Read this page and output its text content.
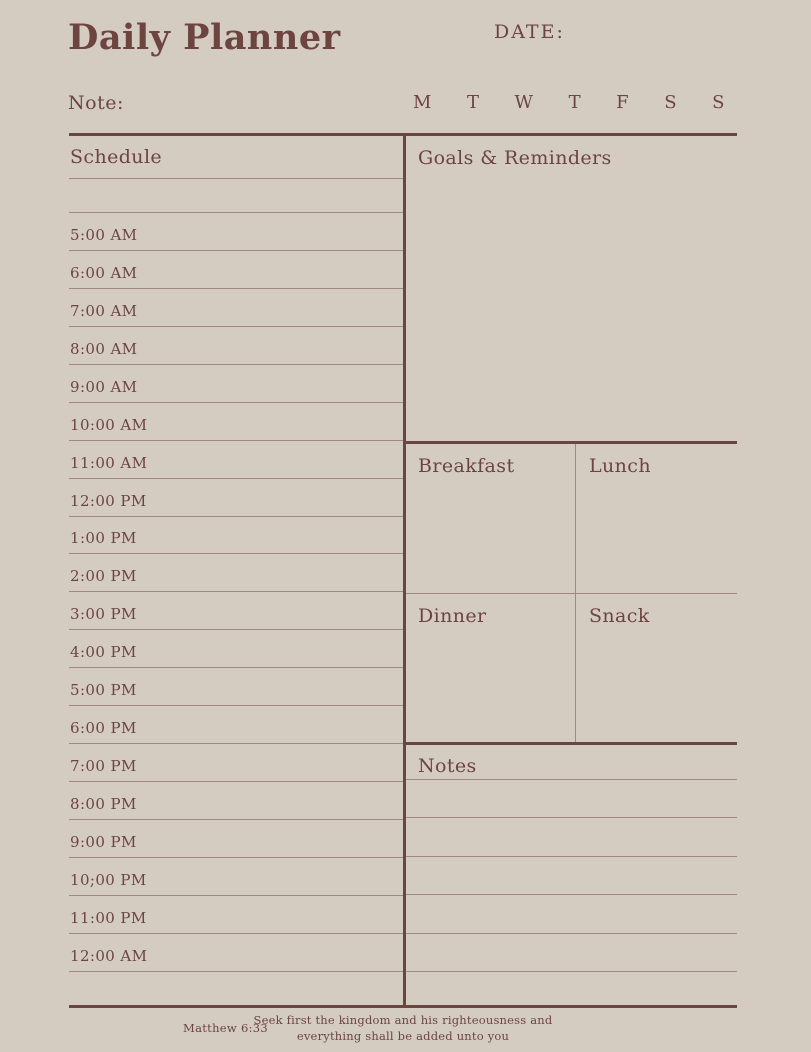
Daily Planner	DATE:
Note:	M T W T F S S
Schedule
5:00 AM
6:00 AM
7:00 AM
8:00 AM
9:00 AM
10:00 AM
11:00 AM
12:00 PM
1:00 PM
2:00 PM
3:00 PM
4:00 PM
5:00 PM
6:00 PM
7:00 PM
8:00 PM
9:00 PM
10;00 PM
11:00 PM
12:00 AM
Goals & Reminders
Breakfast	Lunch
Dinner	Snack
Notes
Matthew 6:33
Seek first the kingdom and his righteousness and
everything shall be added unto you
